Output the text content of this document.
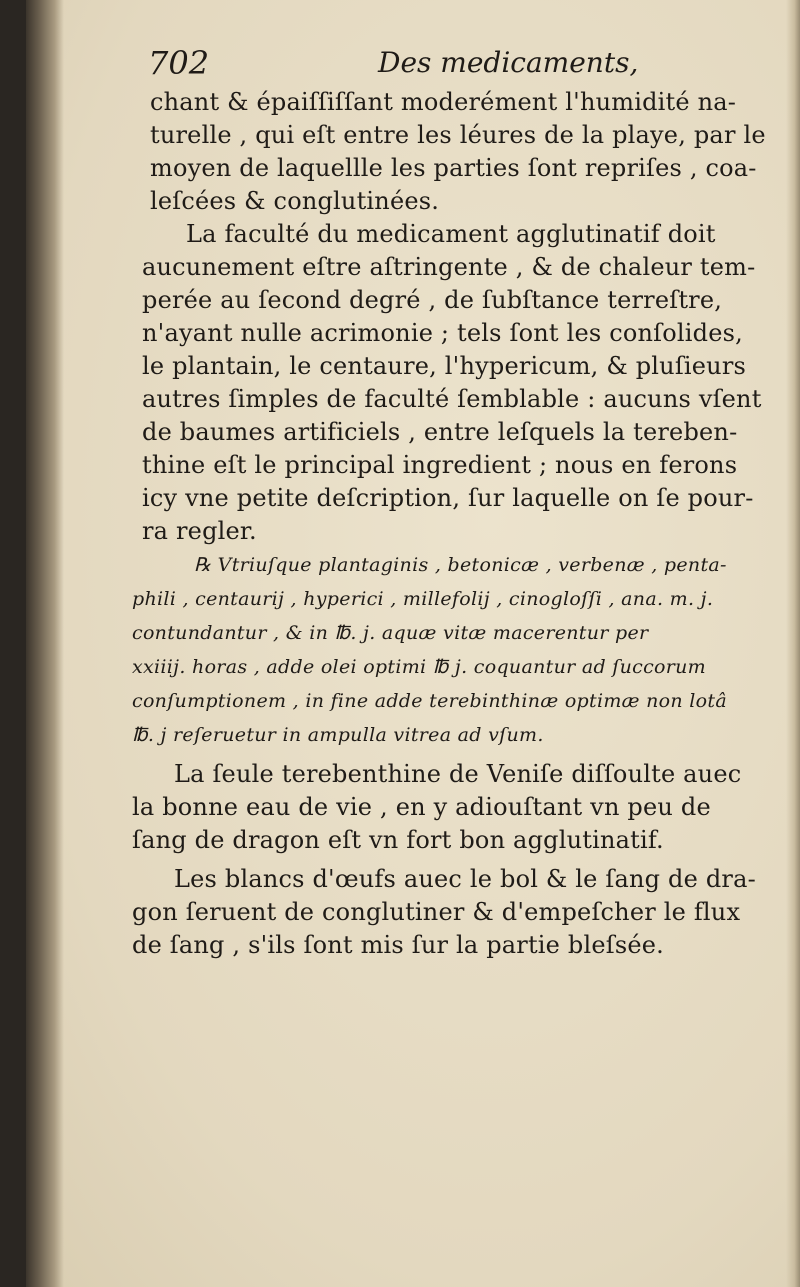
702	Des medicaments,
chant & épaiſſiſſant moderément l'humidité na-
turelle , qui eſt entre les léures de la playe, par le
moyen de laquellle les parties ſont repriſes , coa-
leſcées & conglutinées.
La faculté du medicament agglutinatif doit
aucunement eſtre aſtringente , & de chaleur tem-
perée au ſecond degré , de ſubſtance terreſtre,
n'ayant nulle acrimonie ; tels ſont les conſolides,
le plantain, le centaure, l'hypericum, & pluſieurs
autres ſimples de faculté ſemblable : aucuns vſent
de baumes artificiels , entre leſquels la tereben-
thine eſt le principal ingredient ; nous en ferons
icy vne petite deſcription, ſur laquelle on ſe pour-
ra regler.
℞ Vtriuſque plantaginis , betonicæ , verbenæ , penta-
phili , centaurij , hyperici , millefolij , cinogloſſi , ana. m. j.
contundantur , & in ℔. j. aquæ vitæ macerentur per
xxiiij. horas , adde olei optimi ℔ j. coquantur ad ſuccorum
conſumptionem , in fine adde terebinthinæ optimæ non lotâ
℔. j reſeruetur in ampulla vitrea ad vſum.
La ſeule terebenthine de Veniſe diſſoulte auec
la bonne eau de vie , en y adiouſtant vn peu de
ſang de dragon eſt vn fort bon agglutinatif.
Les blancs d'œufs auec le bol & le ſang de dra-
gon ſeruent de conglutiner & d'empeſcher le flux
de ſang , s'ils ſont mis ſur la partie bleſsée.
